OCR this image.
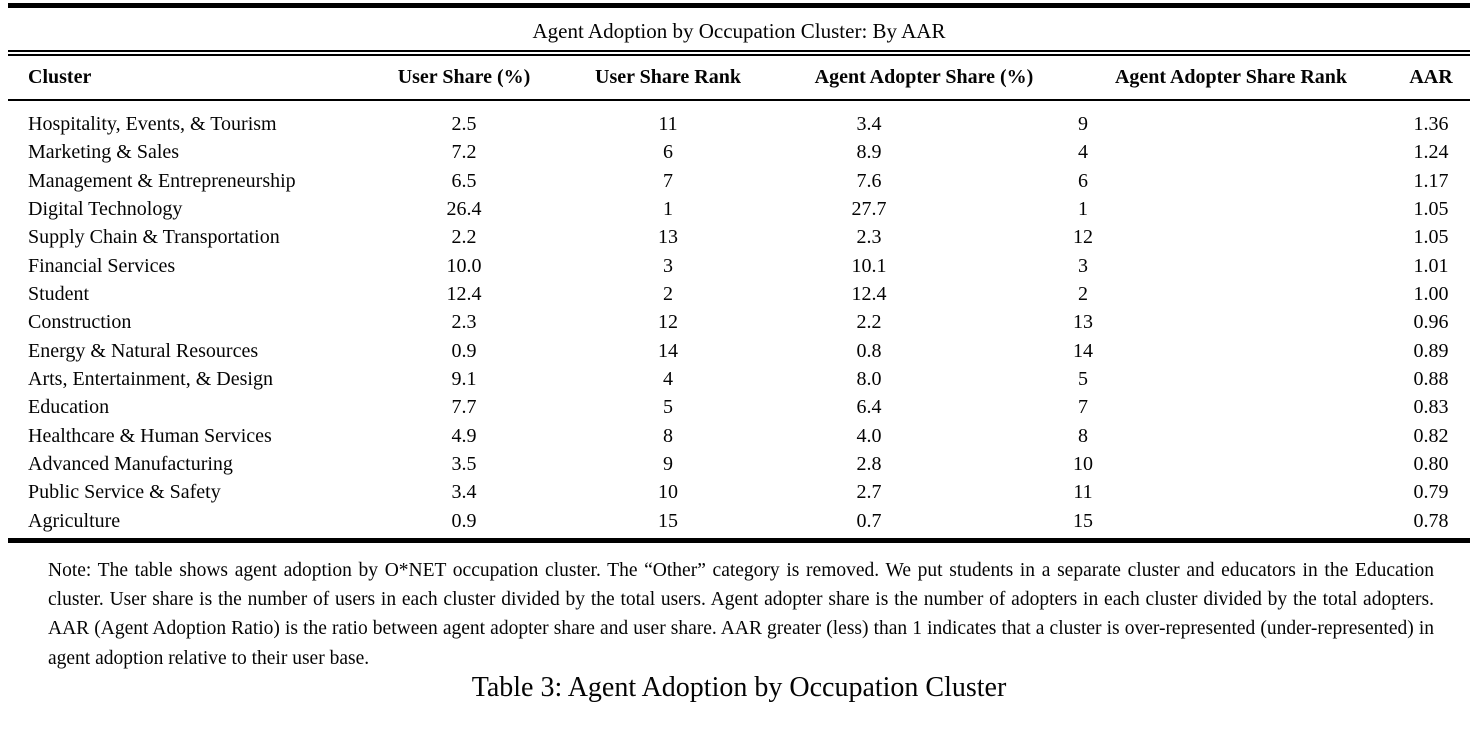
Agent Adoption by Occupation Cluster: By AAR
Cluster	User Share (%)	User Share Rank	Agent Adopter Share (%)	Agent Adopter Share Rank	AAR
Hospitality, Events, & Tourism	2.5	11	3.4	9	1.36
Marketing & Sales	7.2	6	8.9	4	1.24
Management & Entrepreneurship	6.5	7	7.6	6	1.17
Digital Technology	26.4	1	27.7	1	1.05
Supply Chain & Transportation	2.2	13	2.3	12	1.05
Financial Services	10.0	3	10.1	3	1.01
Student	12.4	2	12.4	2	1.00
Construction	2.3	12	2.2	13	0.96
Energy & Natural Resources	0.9	14	0.8	14	0.89
Arts, Entertainment, & Design	9.1	4	8.0	5	0.88
Education	7.7	5	6.4	7	0.83
Healthcare & Human Services	4.9	8	4.0	8	0.82
Advanced Manufacturing	3.5	9	2.8	10	0.80
Public Service & Safety	3.4	10	2.7	11	0.79
Agriculture	0.9	15	0.7	15	0.78
Note: The table shows agent adoption by O*NET occupation cluster. The “Other” category is removed. We put students in a separate cluster and educators in the Education cluster. User share is the number of users in each cluster divided by the total users. Agent adopter share is the number of adopters in each cluster divided by the total adopters. AAR (Agent Adoption Ratio) is the ratio between agent adopter share and user share. AAR greater (less) than 1 indicates that a cluster is over-represented (under-represented) in agent adoption relative to their user base.
Table 3: Agent Adoption by Occupation Cluster
